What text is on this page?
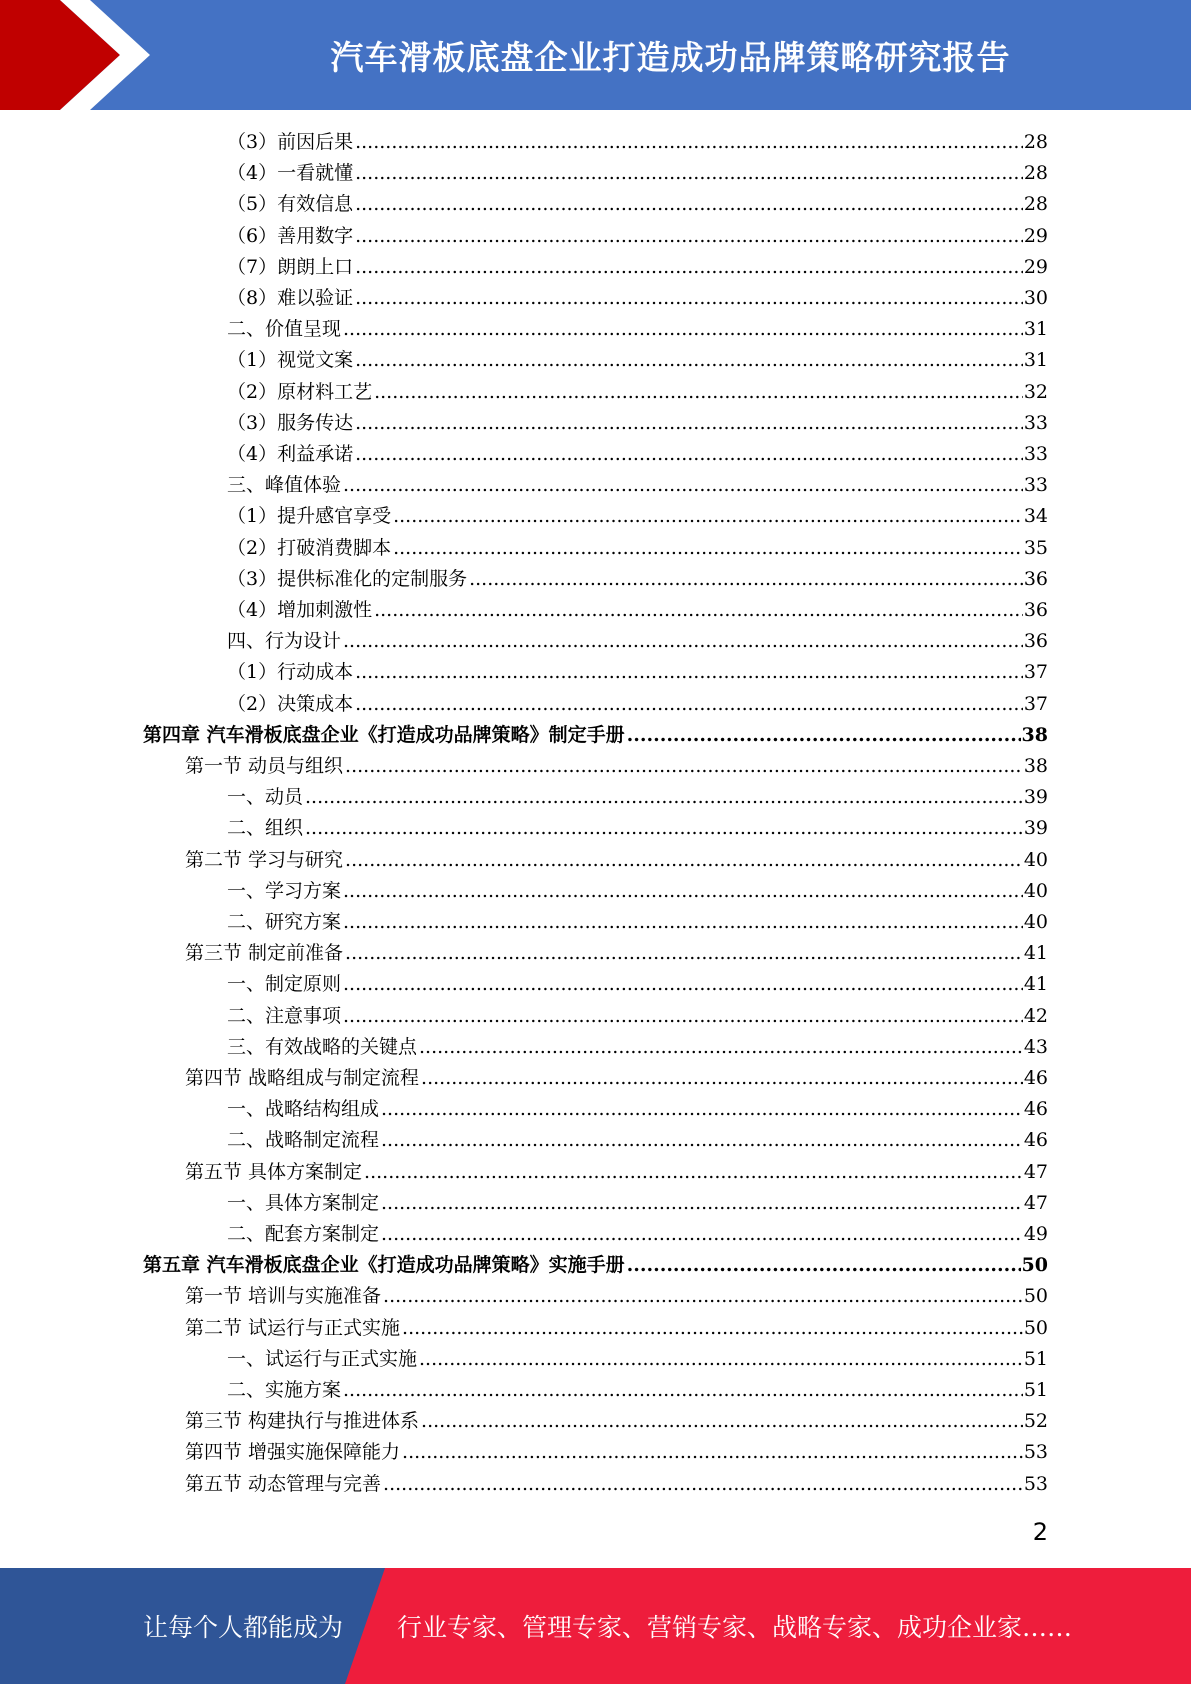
汽车滑板底盘企业打造成功品牌策略研究报告
（3）前因后果 .....	28
（4）一看就懂 .....	28
（5）有效信息 .....	28
（6）善用数字 .....	29
（7）朗朗上口 .....	29
（8）难以验证 .....	30
二、价值呈现 .....	31
（1）视觉文案 .....	31
（2）原材料工艺 .....	32
（3）服务传达 .....	33
（4）利益承诺 .....	33
三、峰值体验 .....	33
（1）提升感官享受 .....	34
（2）打破消费脚本 .....	35
（3）提供标准化的定制服务 .....	36
（4）增加刺激性 .....	36
四、行为设计 .....	36
（1）行动成本 .....	37
（2）决策成本 .....	37
第四章 汽车滑板底盘企业《打造成功品牌策略》制定手册 .....	38
第一节 动员与组织 .....	38
一、动员 .....	39
二、组织 .....	39
第二节 学习与研究 .....	40
一、学习方案 .....	40
二、研究方案 .....	40
第三节 制定前准备 .....	41
一、制定原则 .....	41
二、注意事项 .....	42
三、有效战略的关键点 .....	43
第四节 战略组成与制定流程 .....	46
一、战略结构组成 .....	46
二、战略制定流程 .....	46
第五节 具体方案制定 .....	47
一、具体方案制定 .....	47
二、配套方案制定 .....	49
第五章 汽车滑板底盘企业《打造成功品牌策略》实施手册 .....	50
第一节 培训与实施准备 .....	50
第二节 试运行与正式实施 .....	50
一、试运行与正式实施 .....	51
二、实施方案 .....	51
第三节 构建执行与推进体系 .....	52
第四节 增强实施保障能力 .....	53
第五节 动态管理与完善 .....	53
2
让每个人都能成为	行业专家、管理专家、营销专家、战略专家、成功企业家……
